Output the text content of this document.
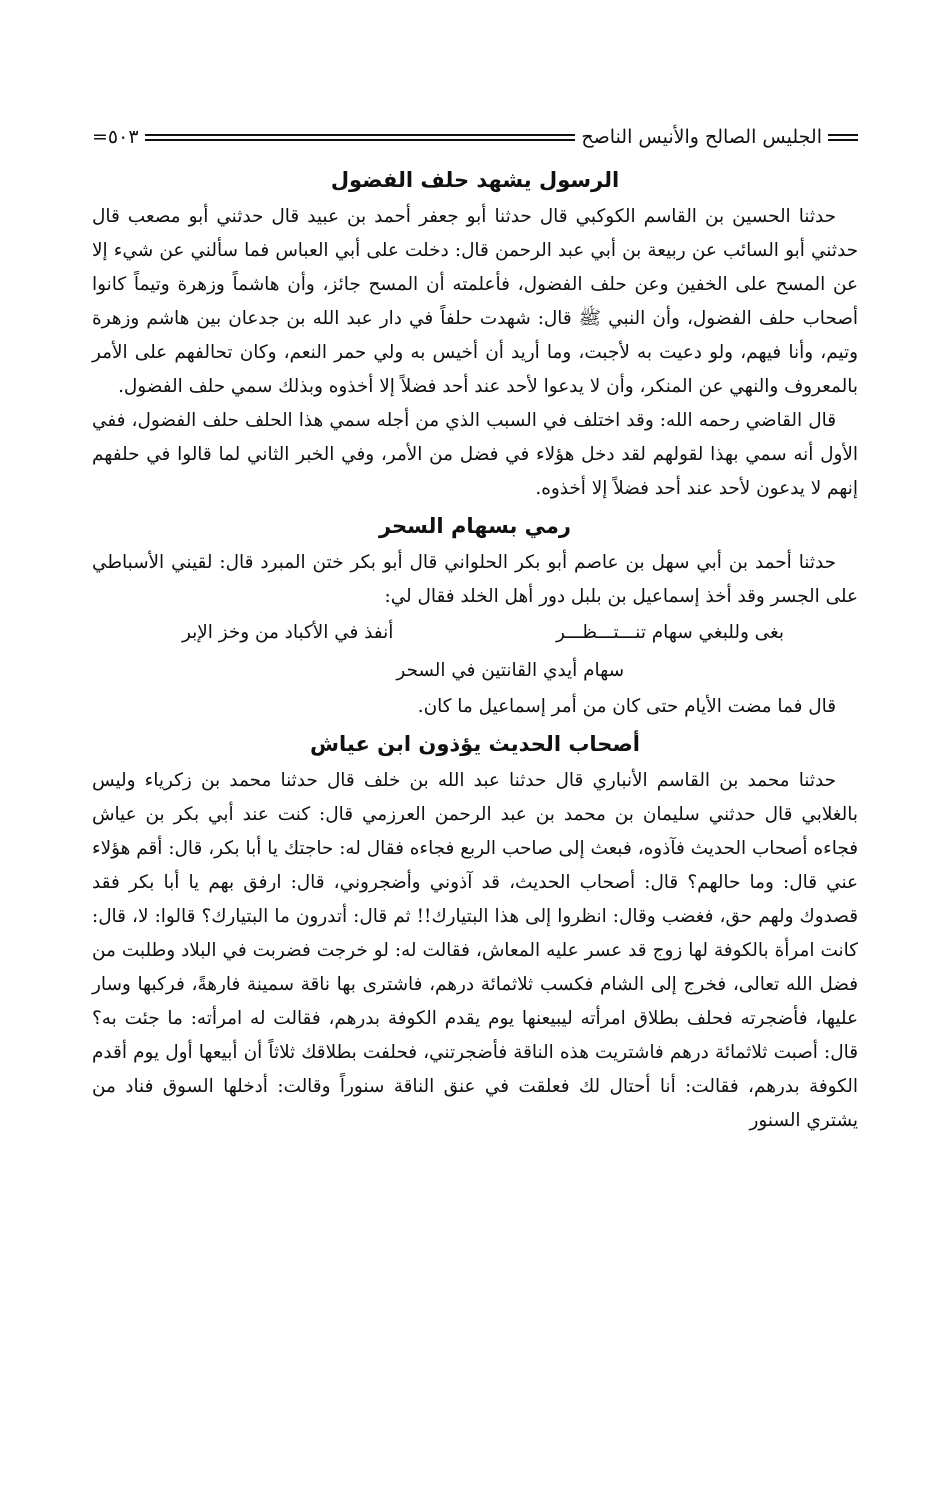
الجليس الصالح والأنيس الناصح
=٥٠٣
الرسول يشهد حلف الفضول

حدثنا الحسين بن القاسم الكوكبي قال حدثنا أبو جعفر أحمد بن عبيد قال حدثني أبو مصعب قال حدثني أبو السائب عن ربيعة بن أبي عبد الرحمن قال: دخلت على أبي العباس فما سألني عن شيء إلا عن المسح على الخفين وعن حلف الفضول، فأعلمته أن المسح جائز، وأن هاشماً وزهرة وتيماً كانوا أصحاب حلف الفضول، وأن النبي ﷺ قال: شهدت حلفاً في دار عبد الله بن جدعان بين هاشم وزهرة وتيم، وأنا فيهم، ولو دعيت به لأجبت، وما أريد أن أخيس به ولي حمر النعم، وكان تحالفهم على الأمر بالمعروف والنهي عن المنكر، وأن لا يدعوا لأحد عند أحد فضلاً إلا أخذوه وبذلك سمي حلف الفضول.

قال القاضي رحمه الله: وقد اختلف في السبب الذي من أجله سمي هذا الحلف حلف الفضول، ففي الأول أنه سمي بهذا لقولهم لقد دخل هؤلاء في فضل من الأمر، وفي الخبر الثاني لما قالوا في حلفهم إنهم لا يدعون لأحد عند أحد فضلاً إلا أخذوه.

رمي بسهام السحر

حدثنا أحمد بن أبي سهل بن عاصم أبو بكر الحلواني قال أبو بكر ختن المبرد قال: لقيني الأسباطي على الجسر وقد أخذ إسماعيل بن بلبل دور أهل الخلد فقال لي:

بغى وللبغي سهام تنـــتـــظـــر
أنفذ في الأكباد من وخز الإبر
سهام أيدي القانتين في السحر

قال فما مضت الأيام حتى كان من أمر إسماعيل ما كان.

أصحاب الحديث يؤذون ابن عياش

حدثنا محمد بن القاسم الأنباري قال حدثنا عبد الله بن خلف قال حدثنا محمد بن زكرياء وليس بالغلابي قال حدثني سليمان بن محمد بن عبد الرحمن العرزمي قال: كنت عند أبي بكر بن عياش فجاءه أصحاب الحديث فآذوه، فبعث إلى صاحب الربع فجاءه فقال له: حاجتك يا أبا بكر، قال: أقم هؤلاء عني قال: وما حالهم؟ قال: أصحاب الحديث، قد آذوني وأضجروني، قال: ارفق بهم يا أبا بكر فقد قصدوك ولهم حق، فغضب وقال: انظروا إلى هذا البتيارك!! ثم قال: أتدرون ما البتيارك؟ قالوا: لا، قال: كانت امرأة بالكوفة لها زوج قد عسر عليه المعاش، فقالت له: لو خرجت فضربت في البلاد وطلبت من فضل الله تعالى، فخرج إلى الشام فكسب ثلاثمائة درهم، فاشترى بها ناقة سمينة فارهةً، فركبها وسار عليها، فأضجرته فحلف بطلاق امرأته ليبيعنها يوم يقدم الكوفة بدرهم، فقالت له امرأته: ما جئت به؟ قال: أصبت ثلاثمائة درهم فاشتريت هذه الناقة فأضجرتني، فحلفت بطلاقك ثلاثاً أن أبيعها أول يوم أقدم الكوفة بدرهم، فقالت: أنا أحتال لك فعلقت في عنق الناقة سنوراً وقالت: أدخلها السوق فناد من يشتري السنور
